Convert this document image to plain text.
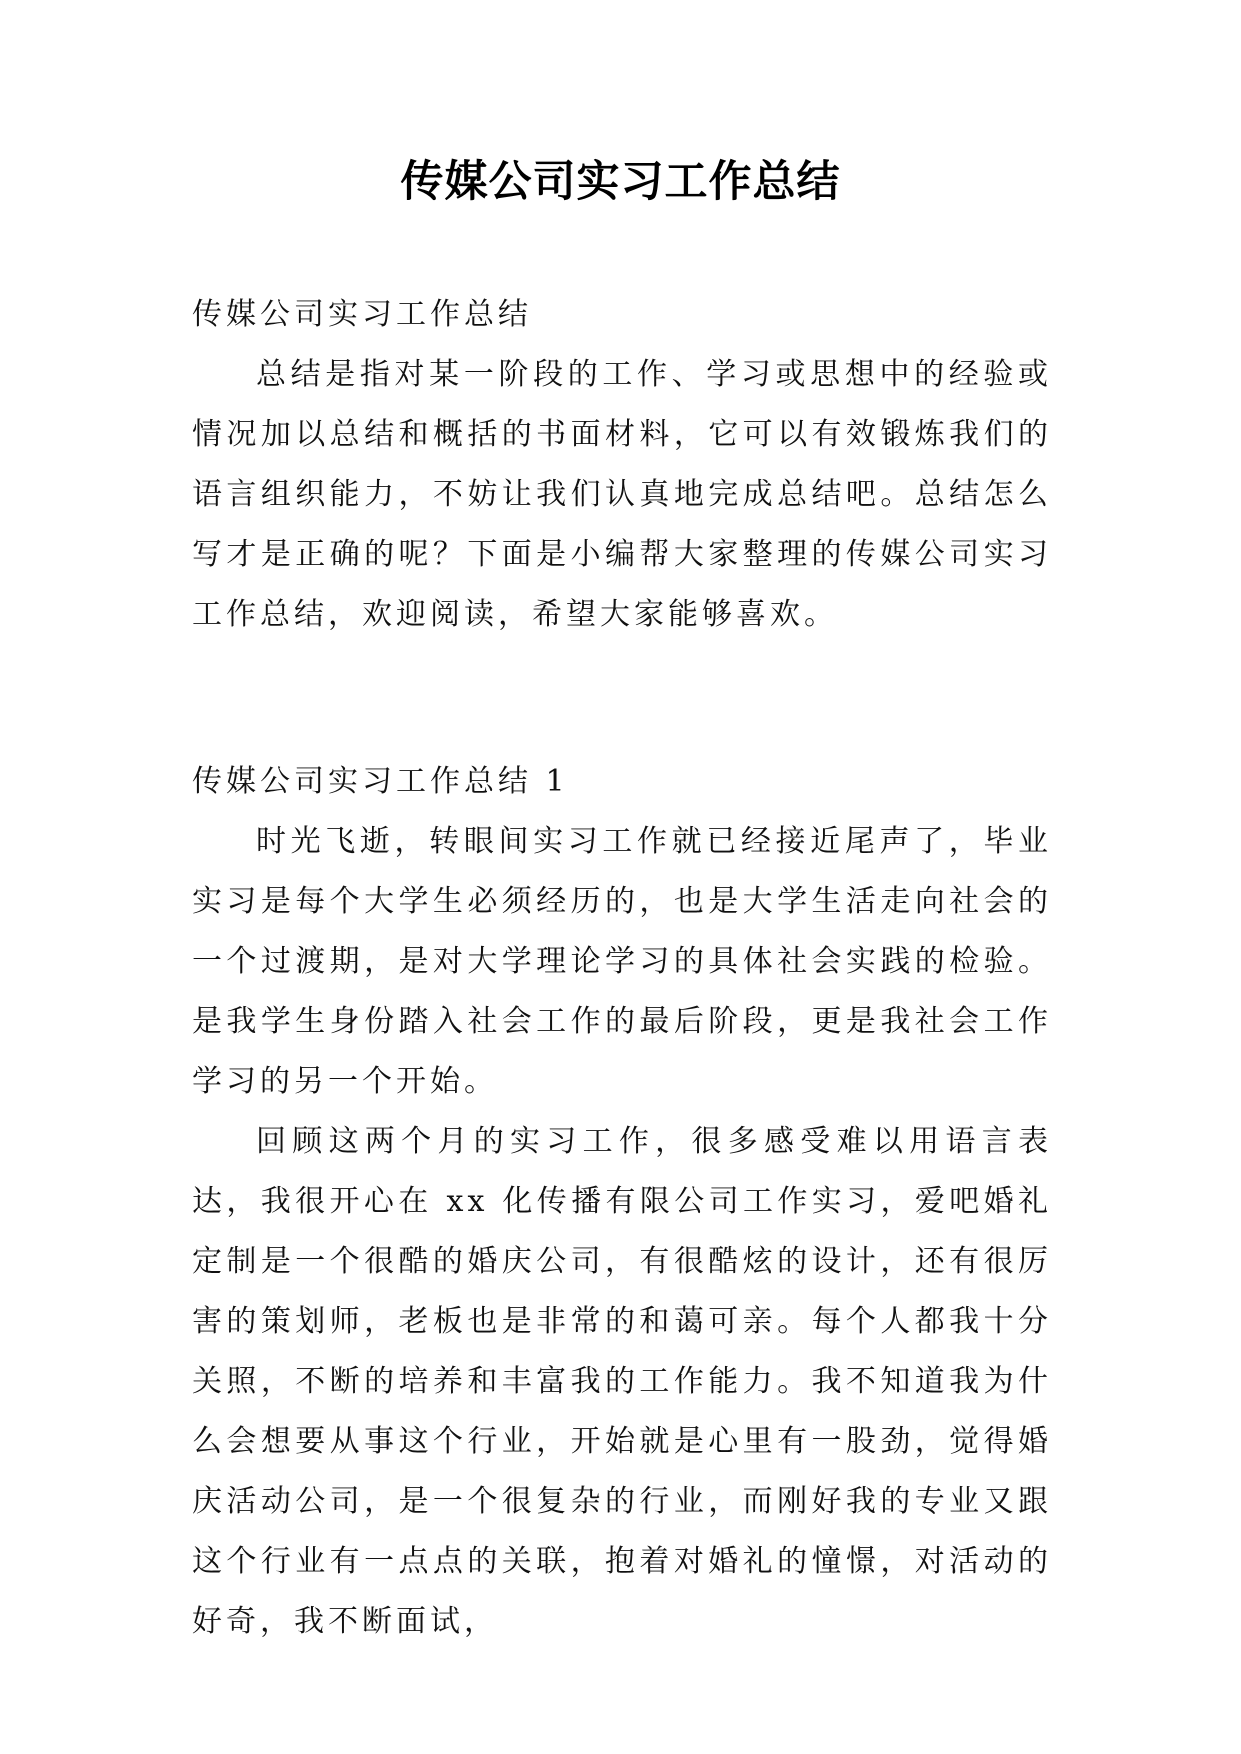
传媒公司实习工作总结
传媒公司实习工作总结

总结是指对某一阶段的工作、学习或思想中的经验或情况加以总结和概括的书面材料，它可以有效锻炼我们的语言组织能力，不妨让我们认真地完成总结吧。总结怎么写才是正确的呢？下面是小编帮大家整理的传媒公司实习工作总结，欢迎阅读，希望大家能够喜欢。

传媒公司实习工作总结 1

时光飞逝，转眼间实习工作就已经接近尾声了，毕业实习是每个大学生必须经历的，也是大学生活走向社会的一个过渡期，是对大学理论学习的具体社会实践的检验。是我学生身份踏入社会工作的最后阶段，更是我社会工作学习的另一个开始。

回顾这两个月的实习工作，很多感受难以用语言表达，我很开心在 xx 化传播有限公司工作实习，爱吧婚礼定制是一个很酷的婚庆公司，有很酷炫的设计，还有很厉害的策划师，老板也是非常的和蔼可亲。每个人都我十分关照，不断的培养和丰富我的工作能力。我不知道我为什么会想要从事这个行业，开始就是心里有一股劲，觉得婚庆活动公司，是一个很复杂的行业，而刚好我的专业又跟这个行业有一点点的关联，抱着对婚礼的憧憬，对活动的好奇，我不断面试，
